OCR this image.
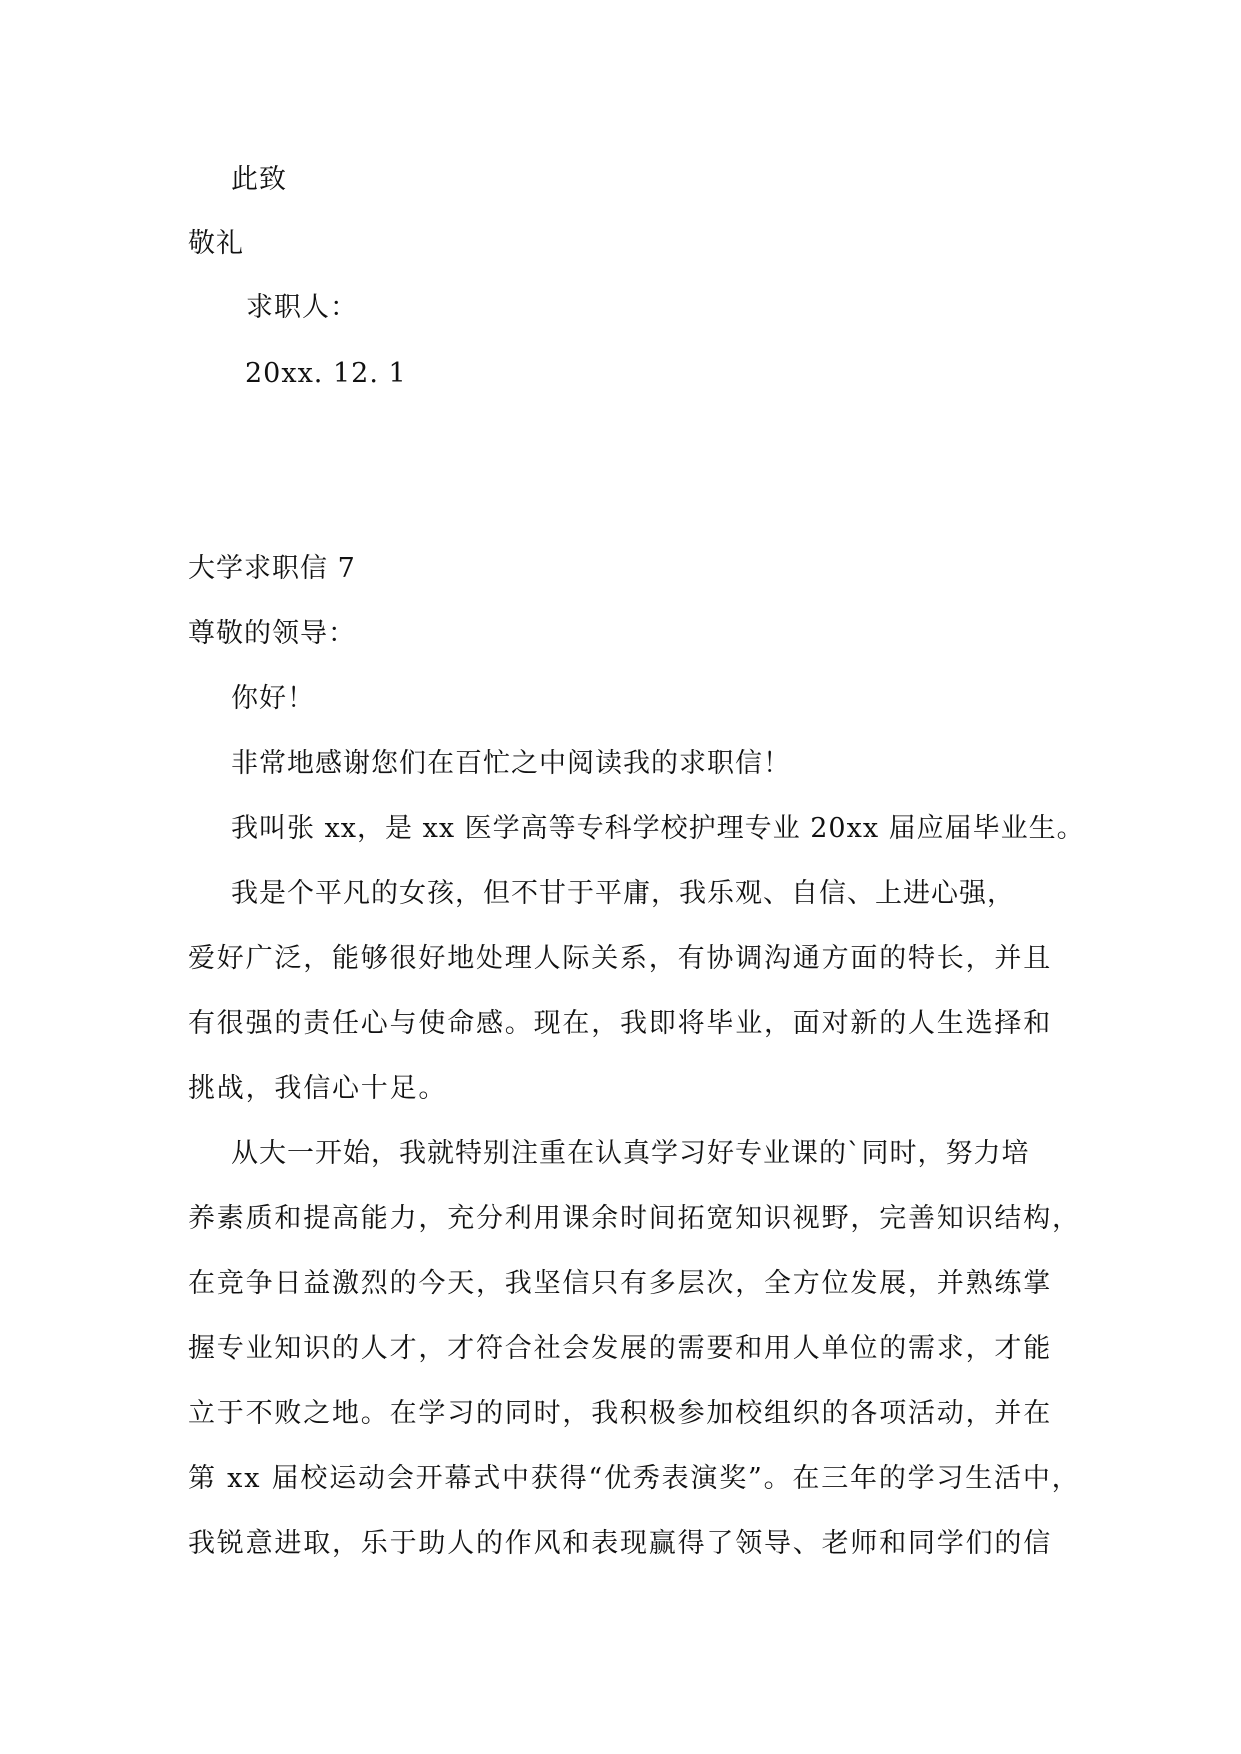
此致
敬礼
求职人：
20xx. 12. 1
大学求职信 7
尊敬的领导：
你好！
非常地感谢您们在百忙之中阅读我的求职信！
我叫张 xx，是 xx 医学高等专科学校护理专业 20xx 届应届毕业生。
我是个平凡的女孩，但不甘于平庸，我乐观、自信、上进心强，
爱好广泛，能够很好地处理人际关系，有协调沟通方面的特长，并且
有很强的责任心与使命感。现在，我即将毕业，面对新的人生选择和
挑战，我信心十足。
从大一开始，我就特别注重在认真学习好专业课的`同时，努力培
养素质和提高能力，充分利用课余时间拓宽知识视野，完善知识结构，
在竞争日益激烈的今天，我坚信只有多层次，全方位发展，并熟练掌
握专业知识的人才，才符合社会发展的需要和用人单位的需求，才能
立于不败之地。在学习的同时，我积极参加校组织的各项活动，并在
第 xx 届校运动会开幕式中获得“优秀表演奖”。在三年的学习生活中，
我锐意进取，乐于助人的作风和表现赢得了领导、老师和同学们的信
